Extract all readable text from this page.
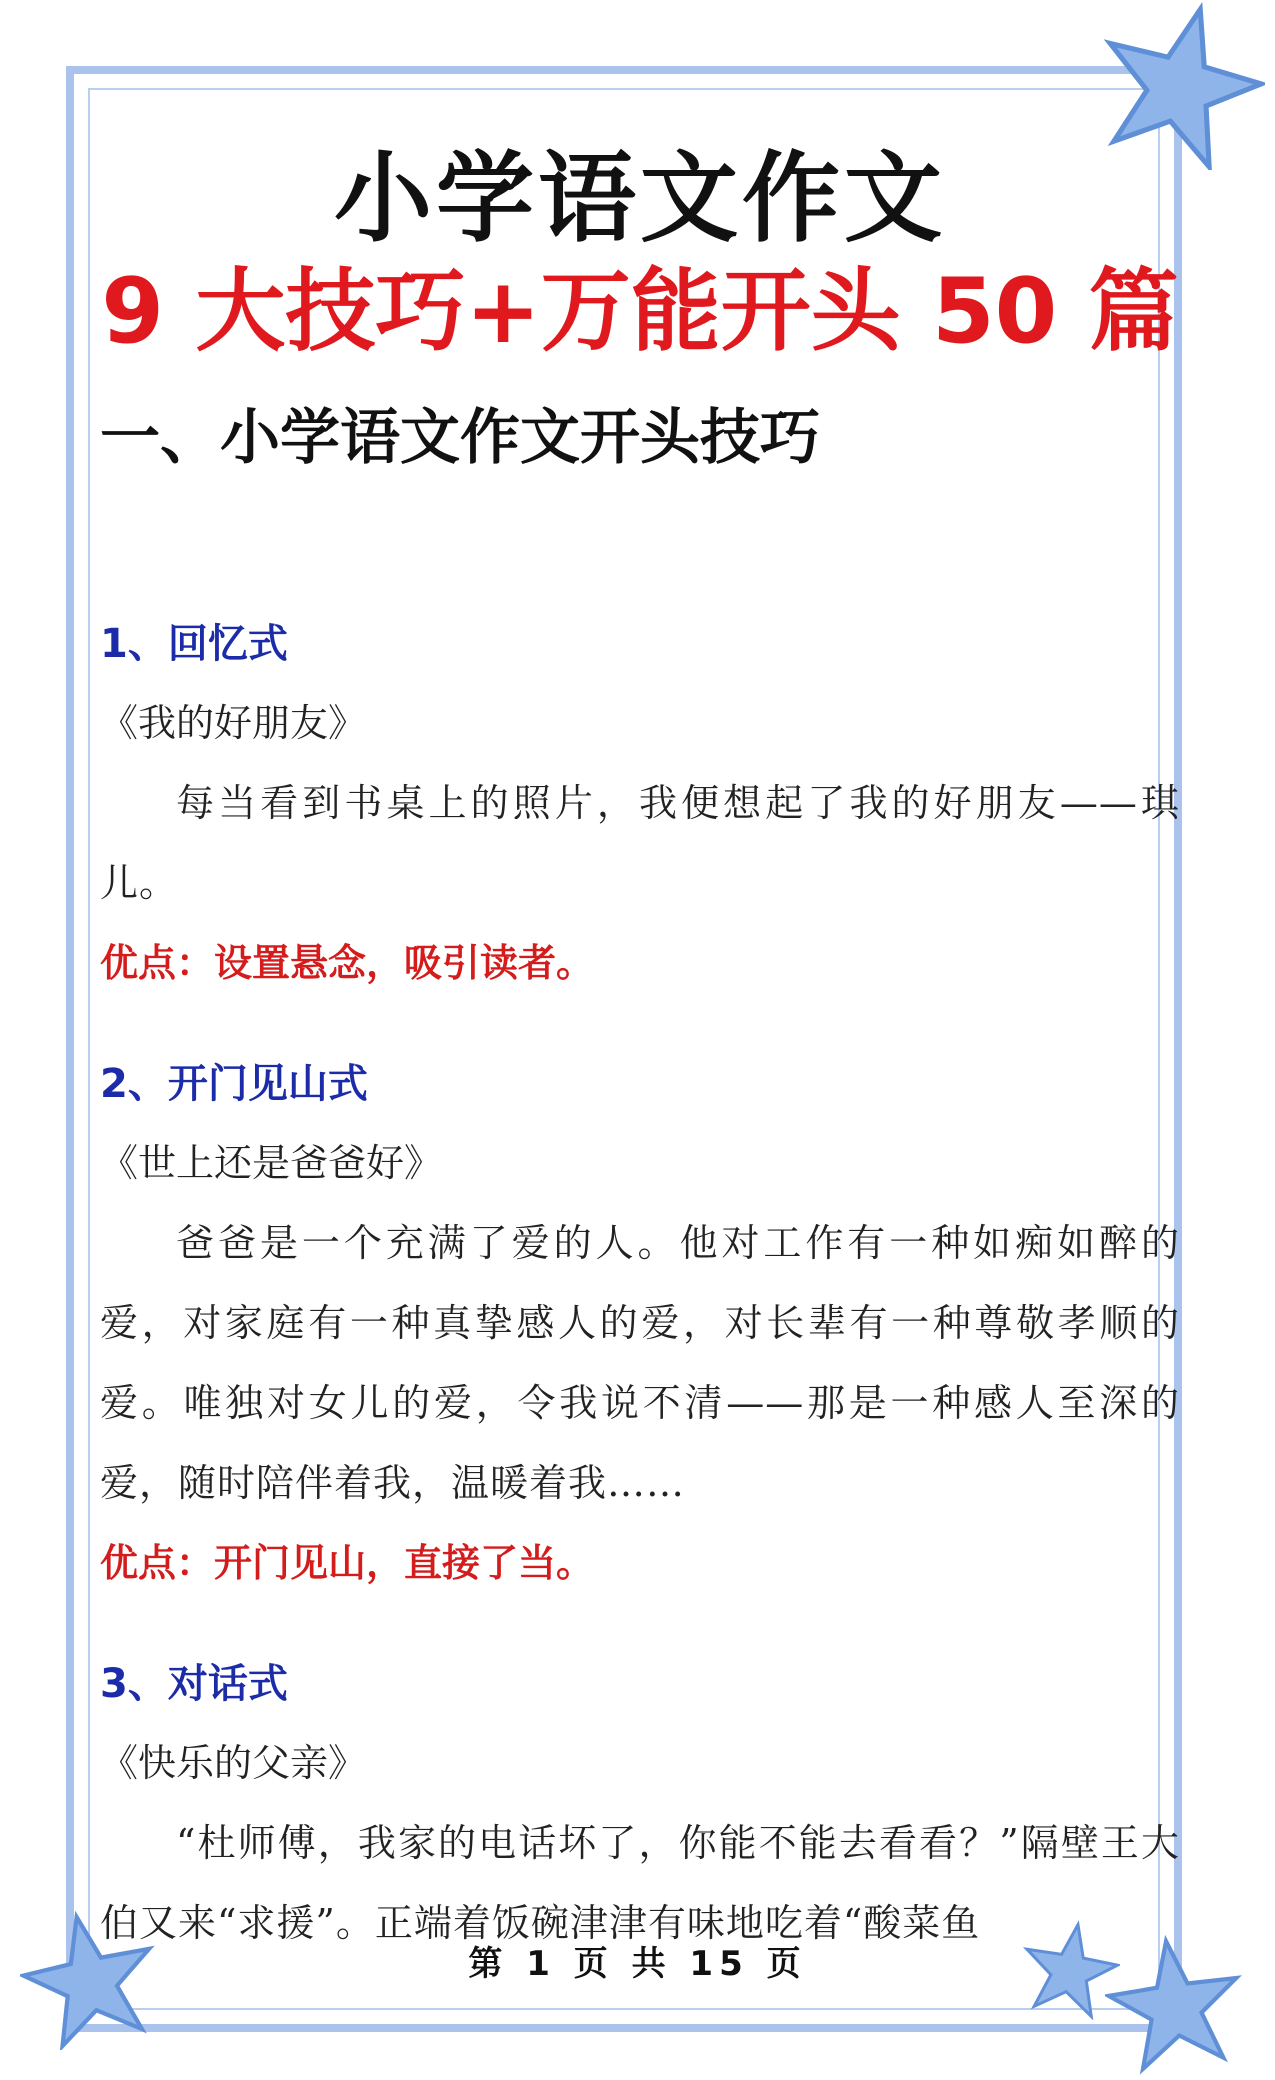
小学语文作文
9 大技巧+万能开头 50 篇
一、小学语文作文开头技巧
1、回忆式
《我的好朋友》

每当看到书桌上的照片，我便想起了我的好朋友——琪儿。

优点：设置悬念，吸引读者。
2、开门见山式
《世上还是爸爸好》

爸爸是一个充满了爱的人。他对工作有一种如痴如醉的爱，对家庭有一种真挚感人的爱，对长辈有一种尊敬孝顺的爱。唯独对女儿的爱，令我说不清——那是一种感人至深的爱，随时陪伴着我，温暖着我……

优点：开门见山，直接了当。
3、对话式
《快乐的父亲》

“杜师傅，我家的电话坏了，你能不能去看看？”隔壁王大伯又来“求援”。正端着饭碗津津有味地吃着“酸菜鱼

第 1 页 共 15 页
